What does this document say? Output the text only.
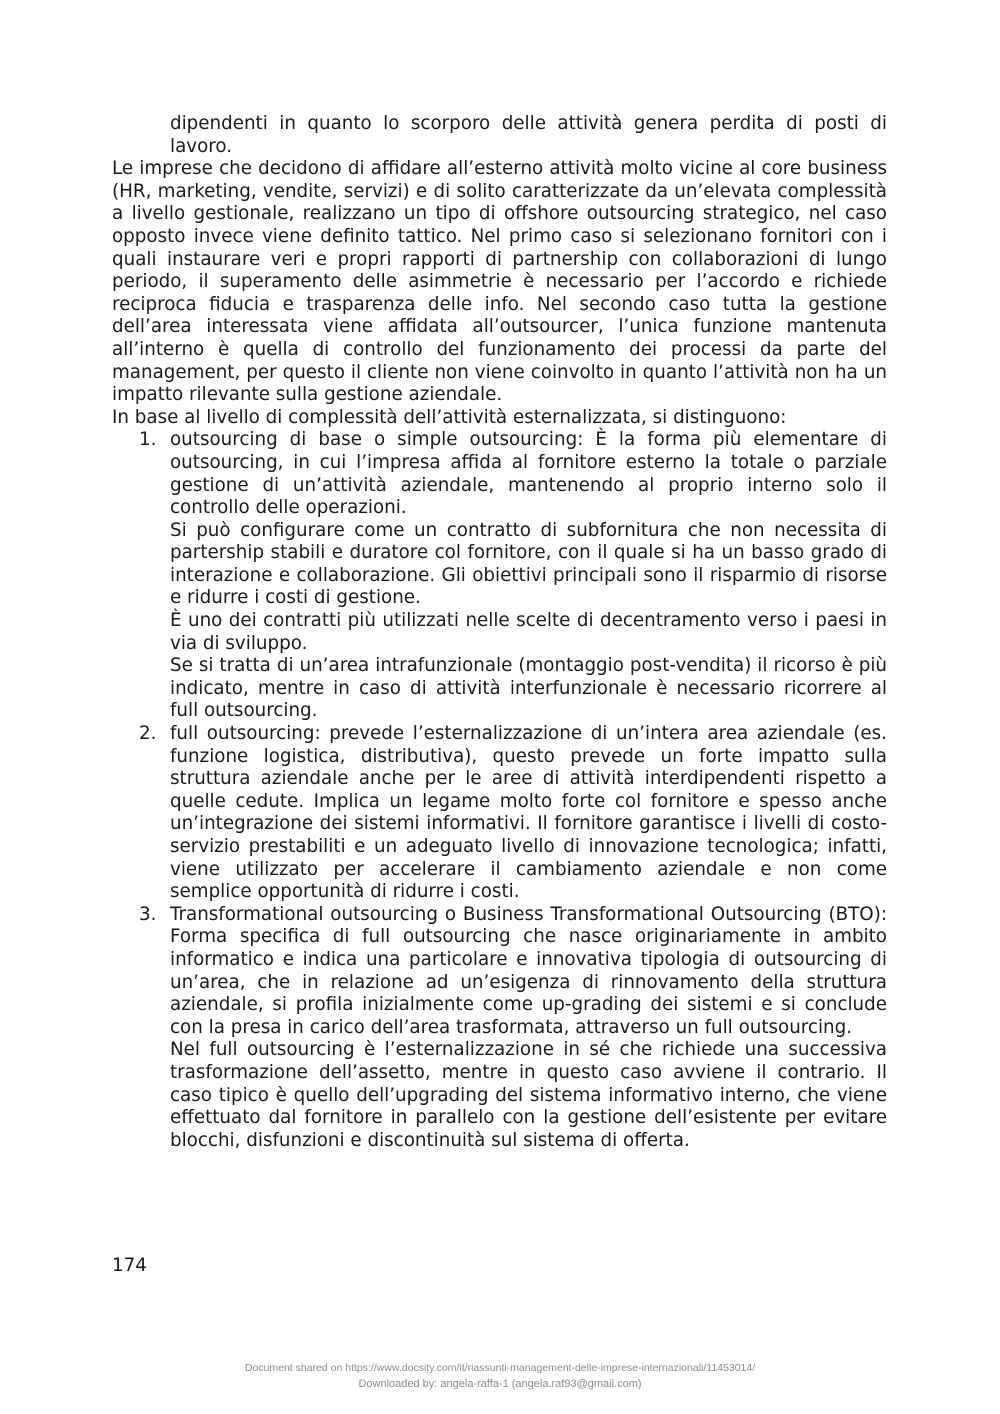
dipendenti in quanto lo scorporo delle attività genera perdita di posti di lavoro.

Le imprese che decidono di affidare all’esterno attività molto vicine al core business (HR, marketing, vendite, servizi) e di solito caratterizzate da un’elevata complessità a livello gestionale, realizzano un tipo di offshore outsourcing strategico, nel caso opposto invece viene definito tattico. Nel primo caso si selezionano fornitori con i quali instaurare veri e propri rapporti di partnership con collaborazioni di lungo periodo, il superamento delle asimmetrie è necessario per l’accordo e richiede reciproca fiducia e trasparenza delle info. Nel secondo caso tutta la gestione dell’area interessata viene affidata all’outsourcer, l’unica funzione mantenuta all’interno è quella di controllo del funzionamento dei processi da parte del management, per questo il cliente non viene coinvolto in quanto l’attività non ha un impatto rilevante sulla gestione aziendale.

In base al livello di complessità dell’attività esternalizzata, si distinguono:

1. outsourcing di base o simple outsourcing: È la forma più elementare di outsourcing, in cui l’impresa affida al fornitore esterno la totale o parziale gestione di un’attività aziendale, mantenendo al proprio interno solo il controllo delle operazioni.

Si può configurare come un contratto di subfornitura che non necessita di partership stabili e duratore col fornitore, con il quale si ha un basso grado di interazione e collaborazione. Gli obiettivi principali sono il risparmio di risorse e ridurre i costi di gestione.

È uno dei contratti più utilizzati nelle scelte di decentramento verso i paesi in via di sviluppo.

Se si tratta di un’area intrafunzionale (montaggio post-vendita) il ricorso è più indicato, mentre in caso di attività interfunzionale è necessario ricorrere al full outsourcing.

2. full outsourcing: prevede l’esternalizzazione di un’intera area aziendale (es. funzione logistica, distributiva), questo prevede un forte impatto sulla struttura aziendale anche per le aree di attività interdipendenti rispetto a quelle cedute. Implica un legame molto forte col fornitore e spesso anche un’integrazione dei sistemi informativi. Il fornitore garantisce i livelli di costo-servizio prestabiliti e un adeguato livello di innovazione tecnologica; infatti, viene utilizzato per accelerare il cambiamento aziendale e non come semplice opportunità di ridurre i costi.

3. Transformational outsourcing o Business Transformational Outsourcing (BTO): Forma specifica di full outsourcing che nasce originariamente in ambito informatico e indica una particolare e innovativa tipologia di outsourcing di un’area, che in relazione ad un’esigenza di rinnovamento della struttura aziendale, si profila inizialmente come up-grading dei sistemi e si conclude con la presa in carico dell’area trasformata, attraverso un full outsourcing.

Nel full outsourcing è l’esternalizzazione in sé che richiede una successiva trasformazione dell’assetto, mentre in questo caso avviene il contrario. Il caso tipico è quello dell’upgrading del sistema informativo interno, che viene effettuato dal fornitore in parallelo con la gestione dell’esistente per evitare blocchi, disfunzioni e discontinuità sul sistema di offerta.

174
Document shared on https://www.docsity.com/it/riassunti-management-delle-imprese-internazionali/11453014/
Downloaded by: angela-raffa-1 (angela.raf93@gmail.com)
